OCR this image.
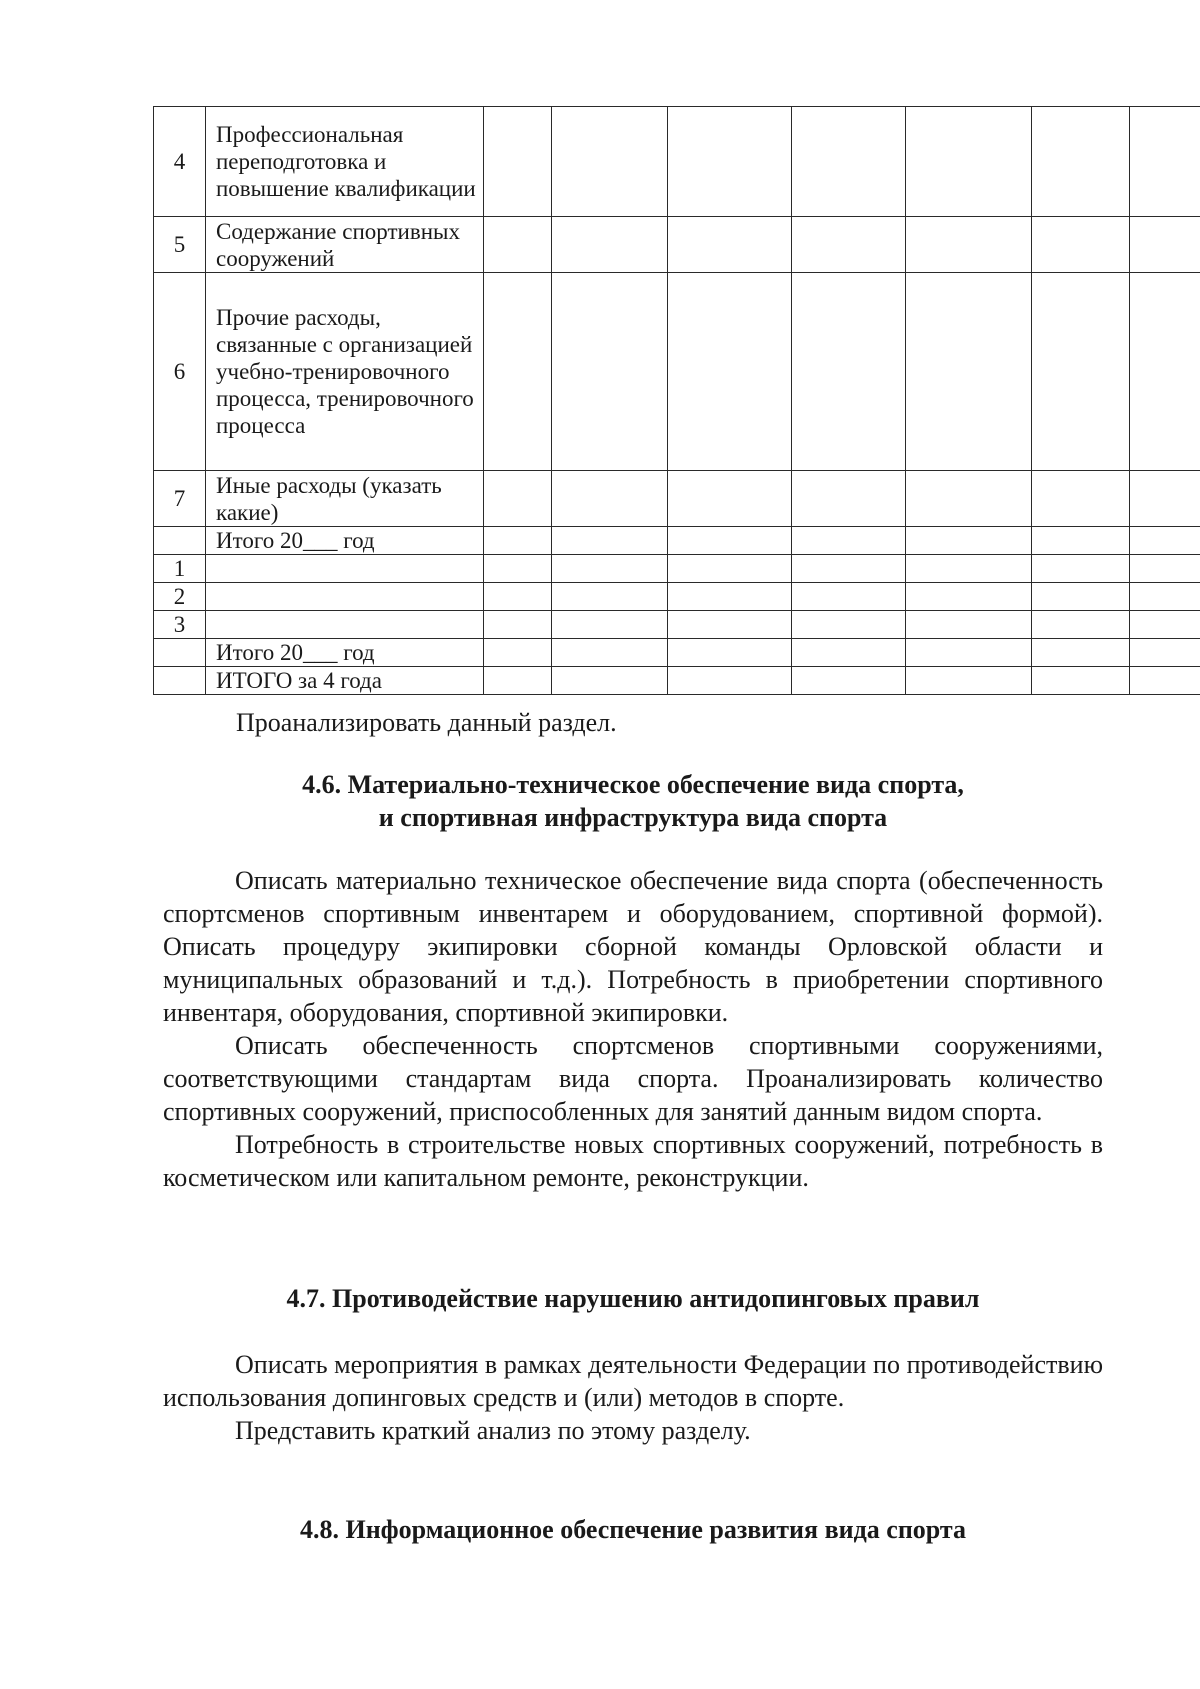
4	Профессиональная переподготовка и повышение квалификации							
5	Содержание спортивных сооружений							
6	Прочие расходы, связанные с организацией учебно-тренировочного процесса, тренировочного процесса							
7	Иные расходы (указать какие)							
	Итого 20___ год							
1								
2								
3								
	Итого 20___ год							
	ИТОГО за 4 года							
Проанализировать данный раздел.
4.6. Материально-техническое обеспечение вида спорта,
и спортивная инфраструктура вида спорта

Описать материально техническое обеспечение вида спорта (обеспеченность спортсменов спортивным инвентарем и оборудованием, спортивной формой). Описать процедуру экипировки сборной команды Орловской области и муниципальных образований и т.д.). Потребность в приобретении спортивного инвентаря, оборудования, спортивной экипировки.

Описать обеспеченность спортсменов спортивными сооружениями, соответствующими стандартам вида спорта. Проанализировать количество спортивных сооружений, приспособленных для занятий данным видом спорта.

Потребность в строительстве новых спортивных сооружений, потребность в косметическом или капитальном ремонте, реконструкции.

4.7. Противодействие нарушению антидопинговых правил

Описать мероприятия в рамках деятельности Федерации по противодействию использования допинговых средств и (или) методов в спорте.

Представить краткий анализ по этому разделу.

4.8. Информационное обеспечение развития вида спорта
